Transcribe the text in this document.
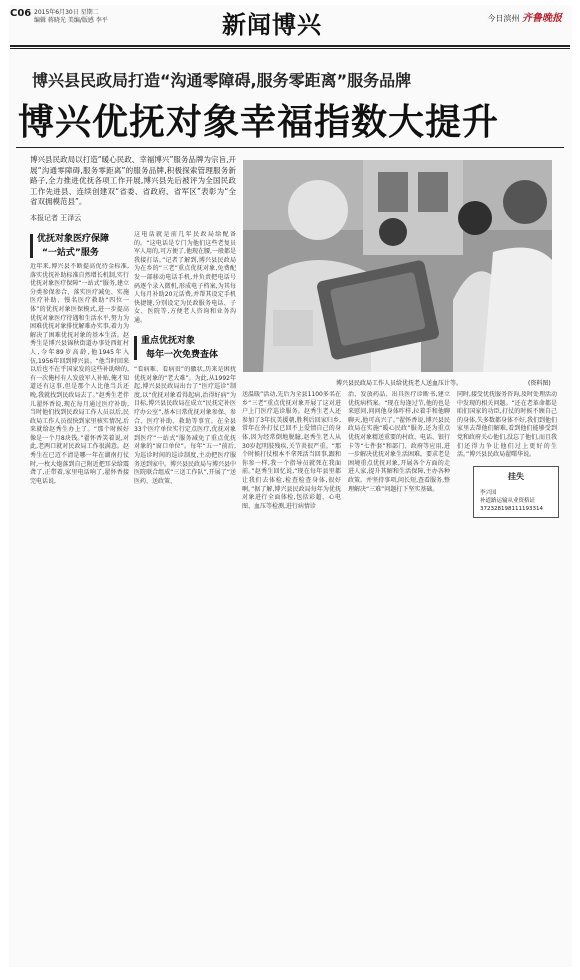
C06 2015年6月30日 星期二
编辑 蒋晓光 美编/版感 李平	新闻博兴	今日滨州 齐鲁晚报
博兴县民政局打造“沟通零障碍,服务零距离”服务品牌
博兴优抚对象幸福指数大提升
博兴县民政局以打造“暖心民政、幸福博兴”服务品牌为宗旨,开展“沟通零障碍,服务零距离”的服务品牌,积极探索管理服务新路子,全力推进优抚各项工作开展,博兴县先后被评为全国民政工作先进县、连续创建双“省委、省政府、省军区”表彰为“全省双拥模范县”。
本报记者 王泽云
优抚对象医疗保障
“一站式”服务
近年来,博兴县不断提高优待金标准,落实优抚补助标准自然增长机制,实行优抚对象医疗保障“一站式”服务,建立分类参保参合、落实医疗减免、实施医疗补助、慢名医疗救助“四位一体”的优抚对象医保模式,进一步提高优抚对象医疗待遇和生活水平,努力为困难优抚对象排忧解难办实事,着力为解决了困难优抚对象的基本生活。赵秀生是博兴县锦秋街道办事处西虹村人,今年89岁高龄,他1945年入伍,1956年回到博兴县。“他当时回来以后也不在乎国家发的这些补助啥的,有一次俺村有人发放军人补贴,俺才知道还有这事,但是那个人比他当兵还晚,我就找到民政局去了。”赵秀生老伴儿翟怀香说,现在每月通过医疗补助,当时他们找到民政局工作人员以后,民政局工作人员很快到家里核实情况,后来就给赵秀生办上了。“那个时候好像是一个月8块钱。”翟怀香笑着说,对此,老两口就对民政局工作很满意。赵秀生在已迈不清是哪一年在湖南打仗时,一枚大炮落到自己附近把耳朵给震聋了,正带着,家里电话响了,翟怀香接完电话说,
这电话就是前几年民政局给配备的。“这电话是专门为他们这些老复员军人用的,可方便了,他现在腰,一般都是我接打话。”记者了解到,博兴县民政局为在乡的“三老”重点优抚对象,免费配发一部移动电话手机,并负责把电话号码逐个录入微机,形成电子档案,为其每人每月补助20元话费,并帮其设定手机快捷键,分别设定为民政服务电话、子女、医院等,方便老人咨询和业务沟通。
重点优抚对象
每年一次免费查体
“看病难、看病贵”的徽状,历来是困扰优抚对象的“老大难”。为此,从1992年起,博兴县民政局出台了“医疗巡诊”制度,以“优抚对象看得起病,治得好病”为目标,博兴县民政局在成立“民抚定补医疗办公室”,基本日常优抚对象参保、参合、医疗补助、救助等事宜。在全县33个医疗单位实行定点医疗,优抚对象到医疗“一站式”服务减免了重点优抚对象的“窗口单位”。每年“五一”前后,为巡诊时间的巡诊制度,主动把医疗服务送到家中。博兴县民政局与博兴县中医院联合组成“三送工作队”,开展了“送医药、送政策、
送温暖”活动,先后为全县1100多名在乡“三老”重点优抚对象开展了这对进户上门医疗巡诊服务。赵秀生老人还参加了3年抗美援朝,胜利后回家归乡,常年在外打仗已回不上爱情自己的身体,因为经常倒地脱臆,赵秀生老人从30岁起明肢残疾,关节炎很严重。“那个时候打仗根本不拿死活当回事,跟和你参一样,我一个指导员就死在我面前。”赵秀生回忆说,“现在每年县里都让我们去体检,检查检查身体,很好啊。”据了解,博兴县民政局每年为优抚对象进行全面体检,包括彩超、心电图、血压等检测,进行病情诊
治、发放药品、出具医疗诊断书,建立优抚病档案。“现在每逢过节,他的也是来慰问,问问他身体咋样,拉着手和他聊聊天,他可高兴了。”翟怀香说,博兴县民政局在实施“暖心民政”服务,还为重点优抚对象精送重要的村政、电话、银行卡等“七件套”和部门、政府等应用,进一步解决优抚对象生活困难。要求老是困境重点优抚对象,开展各个方面的走进人家,提升其解和生活保障,主办各种政策。并坚持事项,问长短,查看服务,整理解决“三难”问题打下坚实基础。
同时,接受优抚服务咨询,及时处理活动中发现的相关问题。“还在老革命都是咱们国家的功臣,打仗的时候不顾自己的身体,失多数都身体不好,我们到他们家里去帮他们解难,看到他们能够受到党和政府关心他们,没忘了他们,而且我们还得力争让他们过上更好的生活。”博兴县民政局翟曙华说。
博兴县民政局工作人员给优抚老人送血压计等。	(资料图)
挂失
李兴国
补道路运输从业资格证
372328198111193314
